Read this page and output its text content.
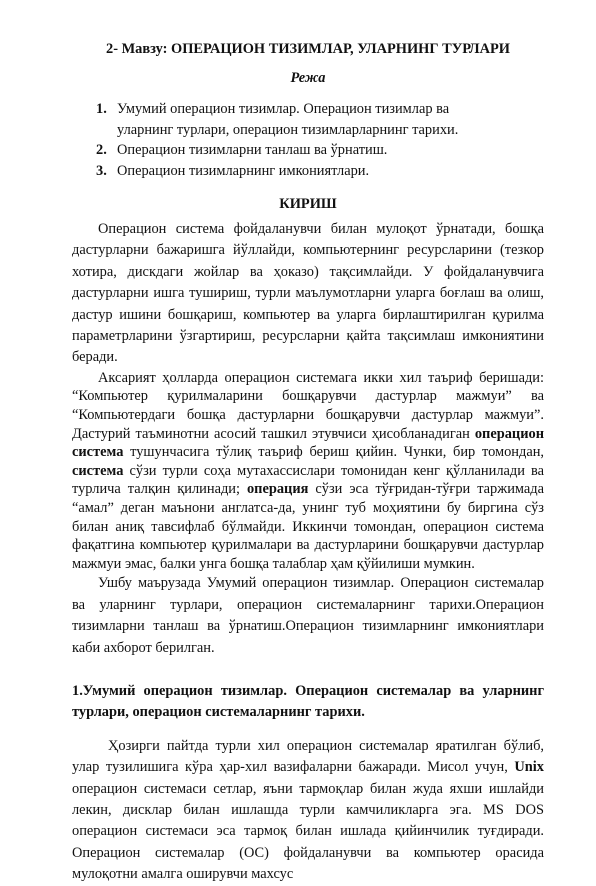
2- Мавзу: ОПЕРАЦИОН ТИЗИМЛАР, УЛАРНИНГ ТУРЛАРИ
Режа
1. Умумий операцион тизимлар. Операцион тизимлар ва уларнинг турлари, операцион тизимларларнинг тарихи.
2. Операцион тизимларни танлаш ва ўрнатиш.
3. Операцион тизимларнинг имкониятлари.
КИРИШ

Операцион система фойдаланувчи билан мулоқот ўрнатади, бошқа дастурларни бажаришга йўллайди, компьютернинг ресурсларини (тезкор хотира, дискдаги жойлар ва ҳоказо) тақсимлайди. У фойдаланувчига дастурларни ишга тушириш, турли маълумотларни уларга боғлаш ва олиш, дастур ишини бошқариш, компьютер ва уларга бирлаштирилган қурилма параметрларини ўзгартириш, ресурсларни қайта тақсимлаш имкониятини беради.

Аксарият ҳолларда операцион системага икки хил таъриф беришади: “Компьютер қурилмаларини бошқарувчи дастурлар мажмуи” ва “Компьютердаги бошқа дастурларни бошқарувчи дастурлар мажмуи”. Дастурий таъминотни асосий ташкил этувчиси ҳисобланадиган операцион система тушунчасига тўлиқ таъриф бериш қийин. Чунки, бир томондан, система сўзи турли соҳа мутахассислари томонидан кенг қўлланилади ва турлича талқин қилинади; операция сўзи эса тўғридан-тўғри таржимада “амал” деган маънони англатса-да, унинг туб моҳиятини бу биргина сўз билан аниқ тавсифлаб бўлмайди. Иккинчи томондан, операцион система фақатгина компьютер қурилмалари ва дастурларини бошқарувчи дастурлар мажмуи эмас, балки унга бошқа талаблар ҳам қўйилиши мумкин.

Ушбу маърузада Умумий операцион тизимлар. Операцион системалар ва уларнинг турлари, операцион системаларнинг тарихи.Операцион тизимларни танлаш ва ўрнатиш.Операцион тизимларнинг имкониятлари каби ахборот берилган.

1.Умумий операцион тизимлар. Операцион системалар ва уларнинг турлари, операцион системаларнинг тарихи.

Ҳозирги пайтда турли хил операцион системалар яратилган бўлиб, улар тузилишига кўра ҳар-хил вазифаларни бажаради. Мисол учун, Unix операцион системаси сетлар, яъни тармоқлар билан жуда яхши ишлайди лекин, дисклар билан ишлашда турли камчиликларга эга. MS DOS операцион системаси эса тармоқ билан ишлада қийинчилик туғдиради. Операцион системалар (ОС) фойдаланувчи ва компьютер орасида мулоқотни амалга оширувчи махсус
